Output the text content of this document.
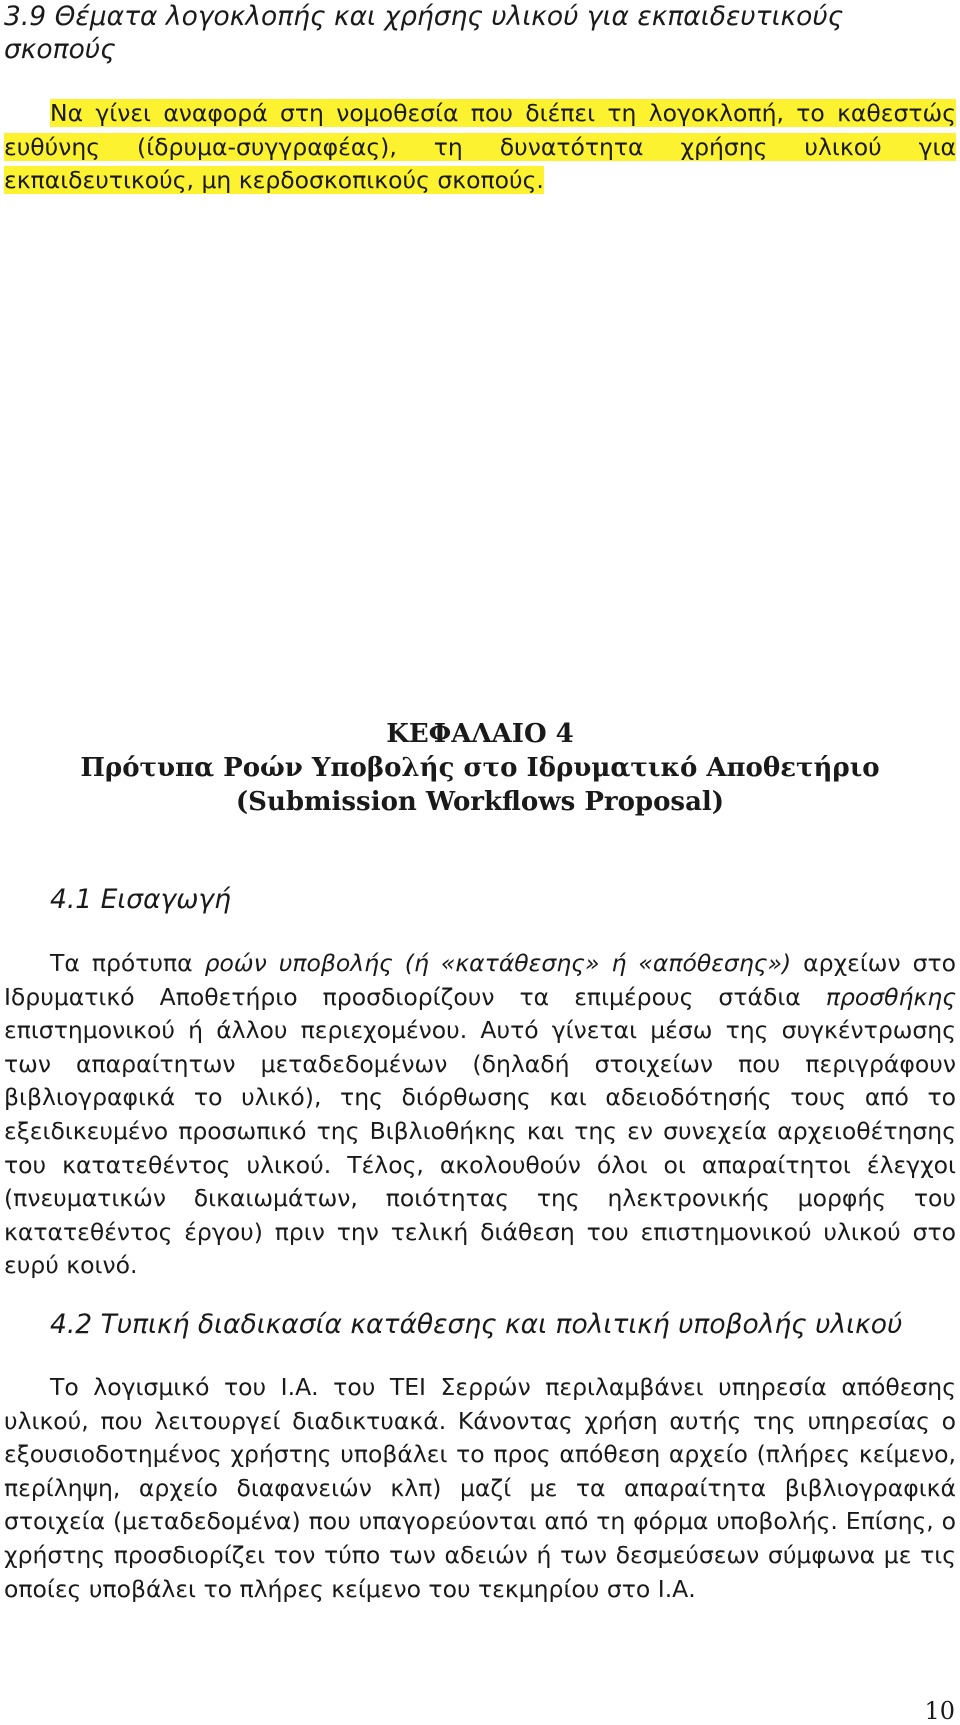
3.9 Θέματα λογοκλοπής και χρήσης υλικού για εκπαιδευτικούς σκοπούς

Να γίνει αναφορά στη νομοθεσία που διέπει τη λογοκλοπή, το καθεστώς ευθύνης (ίδρυμα-συγγραφέας), τη δυνατότητα χρήσης υλικού για εκπαιδευτικούς, μη κερδοσκοπικούς σκοπούς.

ΚΕΦΑΛΑΙΟ 4
Πρότυπα Ροών Υποβολής στο Ιδρυματικό Αποθετήριο
(Submission Workflows Proposal)
4.1 Εισαγωγή

Τα πρότυπα ροών υποβολής (ή «κατάθεσης» ή «απόθεσης») αρχείων στο Ιδρυματικό Αποθετήριο προσδιορίζουν τα επιμέρους στάδια προσθήκης επιστημονικού ή άλλου περιεχομένου. Αυτό γίνεται μέσω της συγκέντρωσης των απαραίτητων μεταδεδομένων (δηλαδή στοιχείων που περιγράφουν βιβλιογραφικά το υλικό), της διόρθωσης και αδειοδότησής τους από το εξειδικευμένο προσωπικό της Βιβλιοθήκης και της εν συνεχεία αρχειοθέτησης του κατατεθέντος υλικού. Τέλος, ακολουθούν όλοι οι απαραίτητοι έλεγχοι (πνευματικών δικαιωμάτων, ποιότητας της ηλεκτρονικής μορφής του κατατεθέντος έργου) πριν την τελική διάθεση του επιστημονικού υλικού στο ευρύ κοινό.

4.2 Τυπική διαδικασία κατάθεσης και πολιτική υποβολής υλικού

Το λογισμικό του Ι.Α. του ΤΕΙ Σερρών περιλαμβάνει υπηρεσία απόθεσης υλικού, που λειτουργεί διαδικτυακά. Κάνοντας χρήση αυτής της υπηρεσίας ο εξουσιοδοτημένος χρήστης υποβάλει το προς απόθεση αρχείο (πλήρες κείμενο, περίληψη, αρχείο διαφανειών κλπ) μαζί με τα απαραίτητα βιβλιογραφικά στοιχεία (μεταδεδομένα) που υπαγορεύονται από τη φόρμα υποβολής. Επίσης, ο χρήστης προσδιορίζει τον τύπο των αδειών ή των δεσμεύσεων σύμφωνα με τις οποίες υποβάλει το πλήρες κείμενο του τεκμηρίου στο Ι.Α.

10
